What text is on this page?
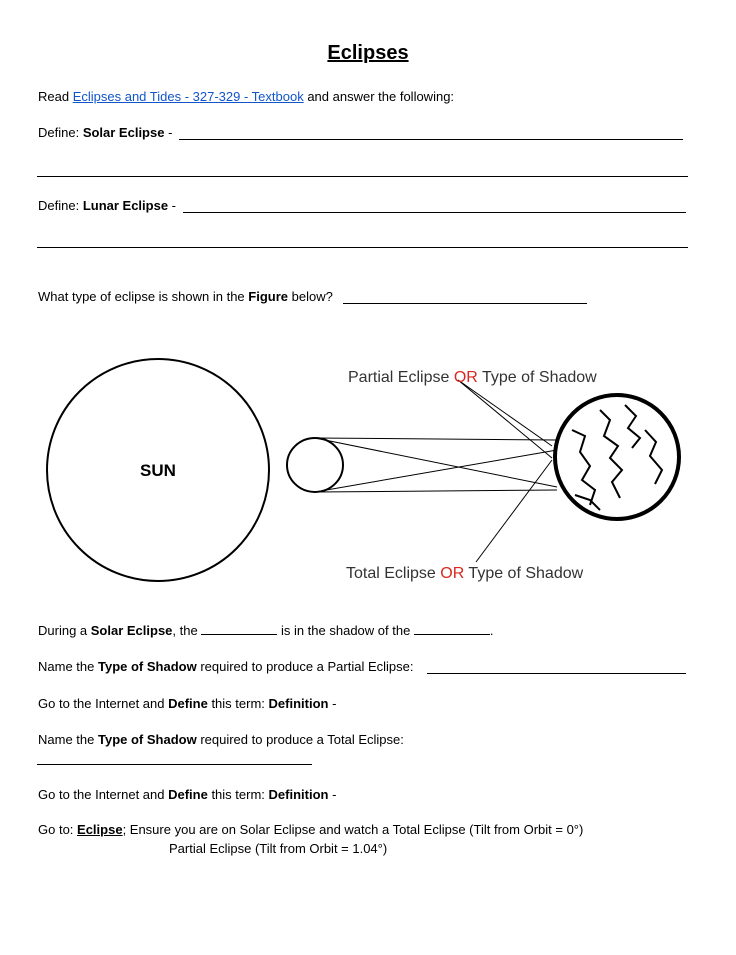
Eclipses
Read Eclipses and Tides - 327-329 - Textbook and answer the following:
Define: Solar Eclipse -
Define: Lunar Eclipse -
What type of eclipse is shown in the Figure below?
SUN
Partial Eclipse OR Type of Shadow
Total Eclipse OR Type of Shadow
During a Solar Eclipse, the	is in the shadow of the	.
Name the Type of Shadow required to produce a Partial Eclipse:
Go to the Internet and Define this term: Definition -
Name the Type of Shadow required to produce a Total Eclipse:
Go to the Internet and Define this term: Definition -
Go to: Eclipse; Ensure you are on Solar Eclipse and watch a Total Eclipse (Tilt from Orbit = 0°)
Partial Eclipse (Tilt from Orbit = 1.04°)
